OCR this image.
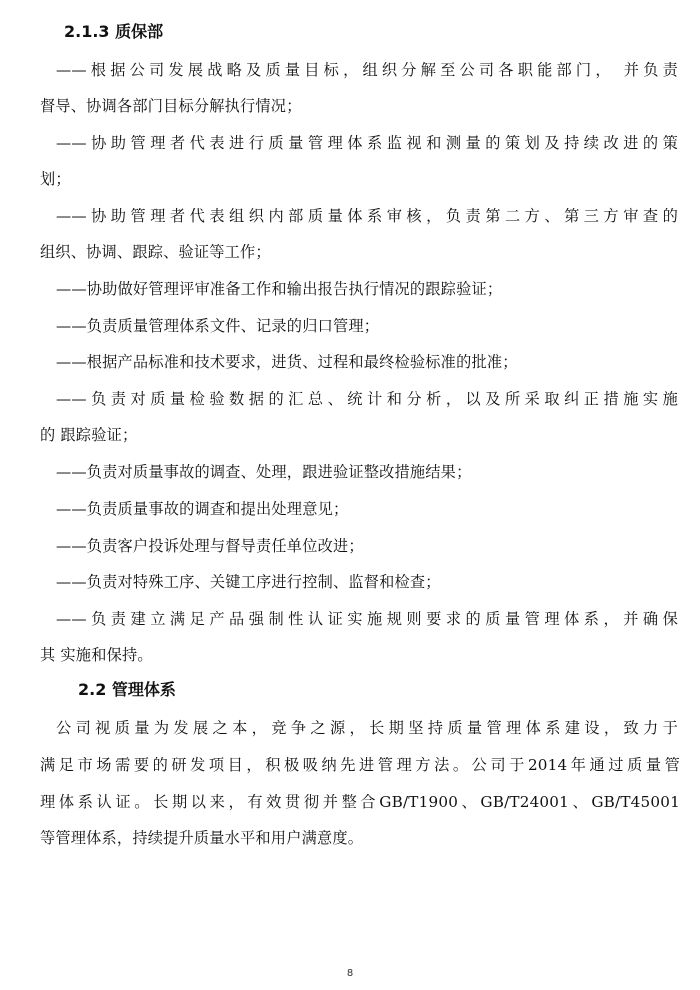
2.1.3 质保部
——根据公司发展战略及质量目标，组织分解至公司各职能部门， 并负责
督导、协调各部门目标分解执行情况；
——协助管理者代表进行质量管理体系监视和测量的策划及持续改进的策
划；
——协助管理者代表组织内部质量体系审核，负责第二方、第三方审查的
组织、协调、跟踪、验证等工作；
——协助做好管理评审准备工作和输出报告执行情况的跟踪验证；
——负责质量管理体系文件、记录的归口管理；
——根据产品标准和技术要求，进货、过程和最终检验标准的批准；
——负责对质量检验数据的汇总、统计和分析，以及所采取纠正措施实施
的 跟踪验证；
——负责对质量事故的调查、处理，跟进验证整改措施结果；
——负责质量事故的调查和提出处理意见；
——负责客户投诉处理与督导责任单位改进；
——负责对特殊工序、关键工序进行控制、监督和检查；
——负责建立满足产品强制性认证实施规则要求的质量管理体系，并确保
其 实施和保持。
2.2 管理体系
公司视质量为发展之本，竞争之源，长期坚持质量管理体系建设，致力于
满足市场需要的研发项目，积极吸纳先进管理方法。公司于2014年通过质量管
理体系认证。长期以来，有效贯彻并整合GB/T1900、GB/T24001、GB/T45001
等管理体系，持续提升质量水平和用户满意度。
8
